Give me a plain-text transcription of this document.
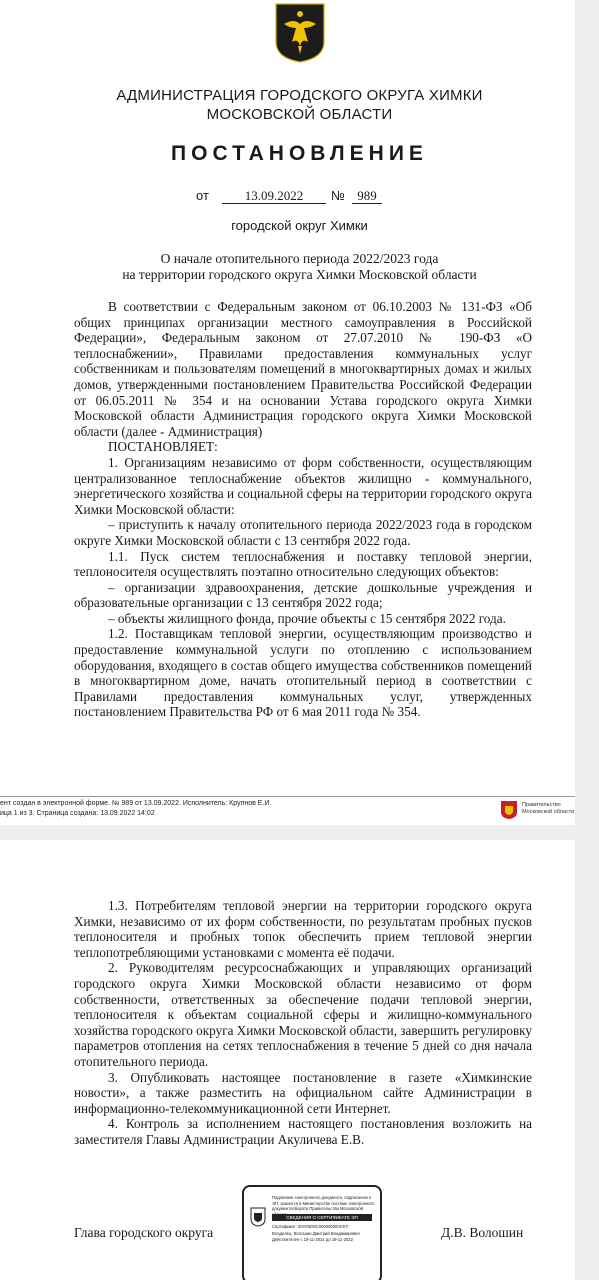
АДМИНИСТРАЦИЯ ГОРОДСКОГО ОКРУГА ХИМКИ
МОСКОВСКОЙ ОБЛАСТИ
ПОСТАНОВЛЕНИЕ
от	13.09.2022	№ 989
городской округ Химки
О начале отопительного периода 2022/2023 года
на территории городского округа Химки Московской области

В соответствии с Федеральным законом от 06.10.2003 № 131-ФЗ «Об общих принципах организации местного самоуправления в Российской Федерации», Федеральным законом от 27.07.2010 № 190-ФЗ «О теплоснабжении», Правилами предоставления коммунальных услуг собственникам и пользователям помещений в многоквартирных домах и жилых домов, утвержденными постановлением Правительства Российской Федерации от 06.05.2011 № 354 и на основании Устава городского округа Химки Московской области Администрация городского округа Химки Московской области (далее - Администрация)

ПОСТАНОВЛЯЕТ:

1. Организациям независимо от форм собственности, осуществляющим централизованное теплоснабжение объектов жилищно - коммунального, энергетического хозяйства и социальной сферы на территории городского округа Химки Московской области:

– приступить к началу отопительного периода 2022/2023 года в городском округе Химки Московской области с 13 сентября 2022 года.

1.1. Пуск систем теплоснабжения и поставку тепловой энергии, теплоносителя осуществлять поэтапно относительно следующих объектов:

– организации здравоохранения, детские дошкольные учреждения и образовательные организации с 13 сентября 2022 года;

– объекты жилищного фонда, прочие объекты с 15 сентября 2022 года.

1.2. Поставщикам тепловой энергии, осуществляющим производство и предоставление коммунальной услуги по отоплению с использованием оборудования, входящего в состав общего имущества собственников помещений в многоквартирном доме, начать отопительный период в соответствии с Правилами предоставления коммунальных услуг, утвержденных постановлением Правительства РФ от 6 мая 2011 года № 354.

ент создан в электронной форме. № 989 от 13.09.2022. Исполнитель: Крупнов Е.И.
ица 1 из 3. Страница создана: 13.09.2022 14:02
Правительство
Московской области

1.3. Потребителям тепловой энергии на территории городского округа Химки, независимо от их форм собственности, по результатам пробных пусков теплоносителя и пробных топок обеспечить прием тепловой энергии теплопотребляющими установками с момента её подачи.

2. Руководителям ресурсоснабжающих и управляющих организаций городского округа Химки Московской области независимо от форм собственности, ответственных за обеспечение подачи тепловой энергии, теплоносителя к объектам социальной сферы и жилищно-коммунального хозяйства городского округа Химки Московской области, завершить регулировку параметров отопления на сетях теплоснабжения в течение 5 дней со дня начала отопительного периода.

3. Опубликовать настоящее постановление в газете «Химкинские новости», а также разместить на официальном сайте Администрации в информационно-телекоммуникационной сети Интернет.

4. Контроль за исполнением настоящего постановления возложить на заместителя Главы Администрации Акуличева Е.В.

Глава городского округа
Подлинник электронного документа, подписанного ЭП, хранится в Министерстве системе электронного документооборота Правительства Московской
СВЕДЕНИЯ О СЕРТИФИКАТЕ ЭП
Сертификат: 00AF8D8C000000000C57!
Владелец: Волошин Дмитрий Владимирович
Действителен с 19-11-2021 до 19-11-2022	Д.В. Волошин
